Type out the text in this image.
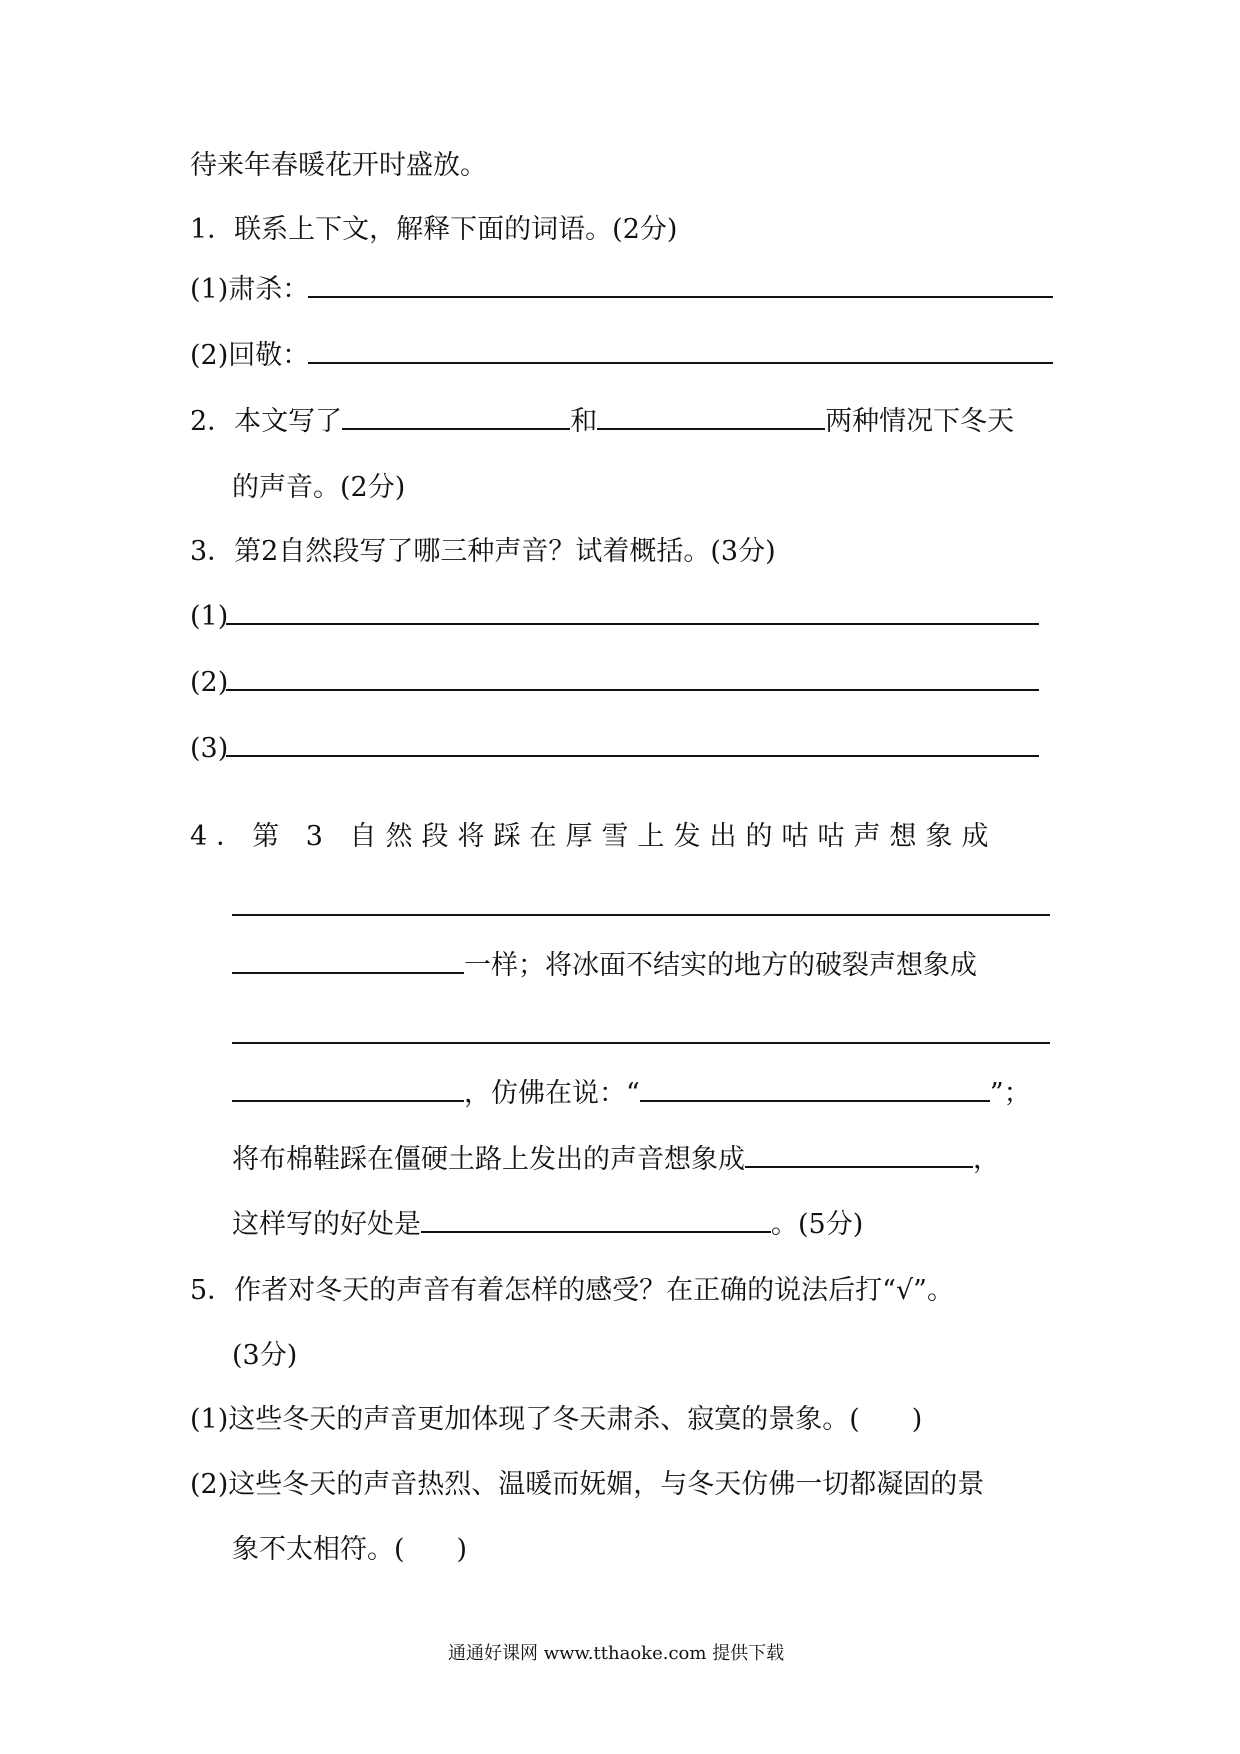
待来年春暖花开时盛放。
1．联系上下文，解释下面的词语。(2分)
(1)肃杀：
(2)回敬：
2．本文写了	和	两种情况下冬天
的声音。(2分)
3．第2自然段写了哪三种声音？试着概括。(3分)
(1)
(2)
(3)
4．第 3 自然段将踩在厚雪上发出的咕咕声想象成
一样；将冰面不结实的地方的破裂声想象成
，仿佛在说：“	”；
将布棉鞋踩在僵硬土路上发出的声音想象成	，
这样写的好处是	。(5分)
5．作者对冬天的声音有着怎样的感受？在正确的说法后打“√”。
(3分)
(1)这些冬天的声音更加体现了冬天肃杀、寂寞的景象。( )
(2)这些冬天的声音热烈、温暖而妩媚，与冬天仿佛一切都凝固的景
象不太相符。( )
通通好课网 www.tthaoke.com 提供下载
